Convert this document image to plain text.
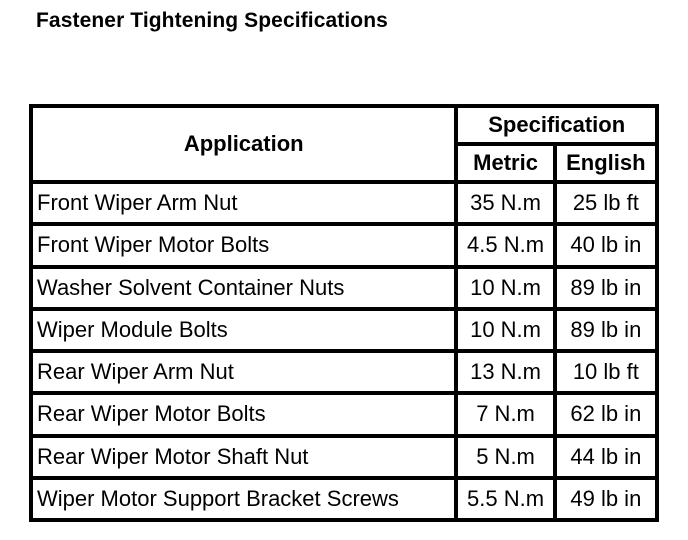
Fastener Tightening Specifications
Application	Specification	
	Metric	English
Front Wiper Arm Nut	35 N.m	25 lb ft
Front Wiper Motor Bolts	4.5 N.m	40 lb in
Washer Solvent Container Nuts	10 N.m	89 lb in
Wiper Module Bolts	10 N.m	89 lb in
Rear Wiper Arm Nut	13 N.m	10 lb ft
Rear Wiper Motor Bolts	7 N.m	62 lb in
Rear Wiper Motor Shaft Nut	5 N.m	44 lb in
Wiper Motor Support Bracket Screws	5.5 N.m	49 lb in
